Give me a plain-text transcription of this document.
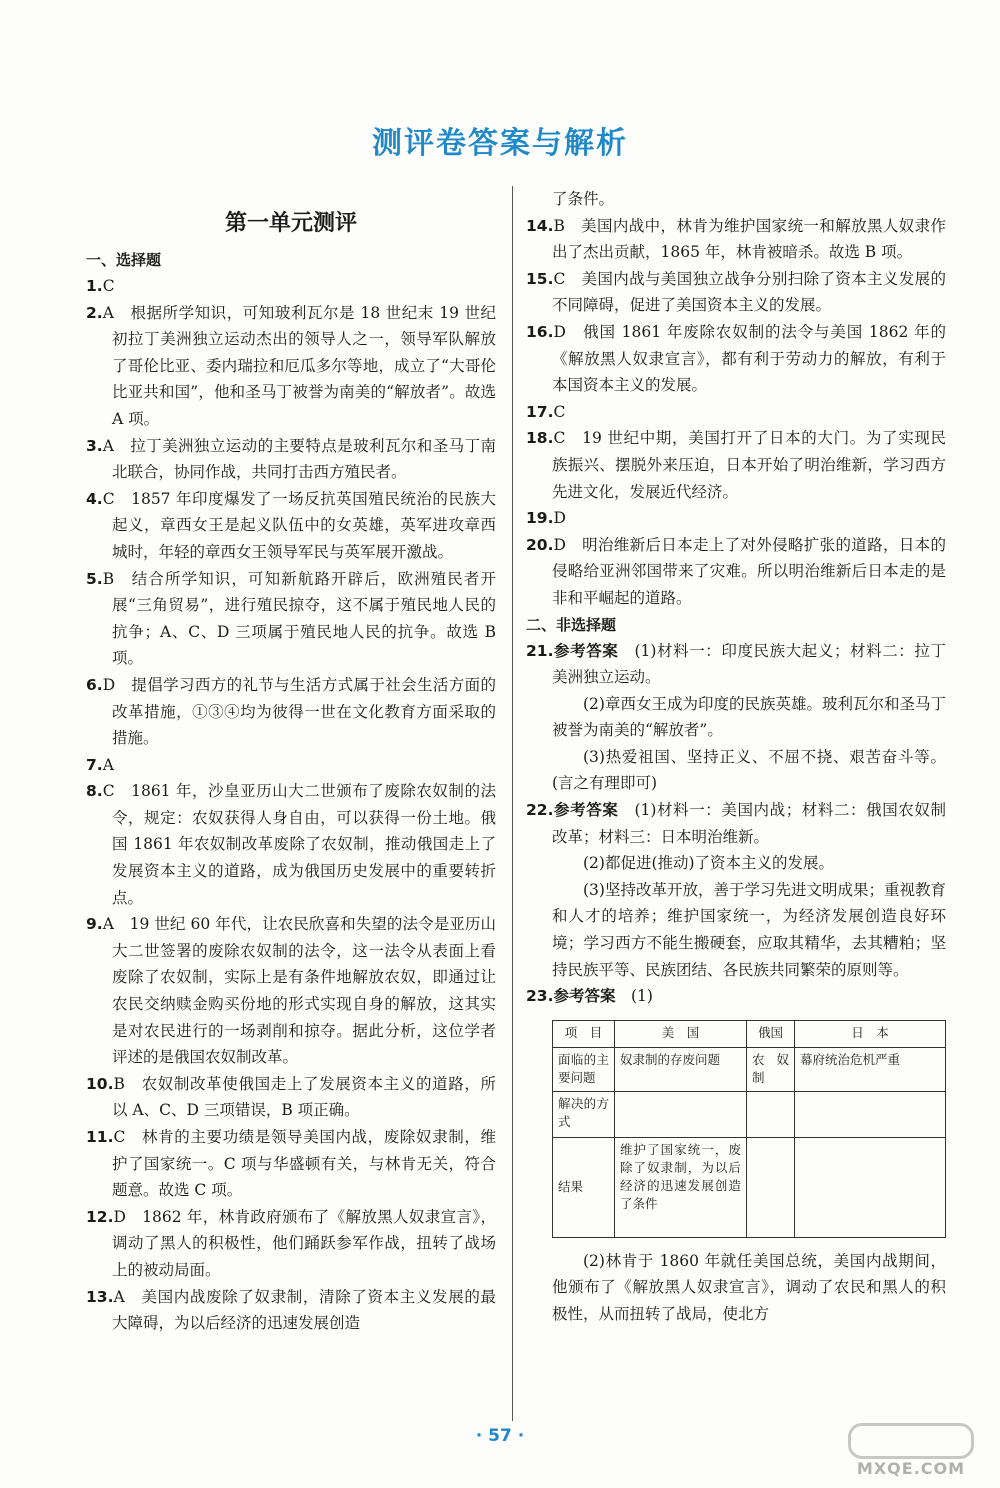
测评卷答案与解析
第一单元测评
一、选择题
1.C
2.A　根据所学知识，可知玻利瓦尔是 18 世纪末 19 世纪初拉丁美洲独立运动杰出的领导人之一，领导军队解放了哥伦比亚、委内瑞拉和厄瓜多尔等地，成立了“大哥伦比亚共和国”，他和圣马丁被誉为南美的“解放者”。故选 A 项。
3.A　拉丁美洲独立运动的主要特点是玻利瓦尔和圣马丁南北联合，协同作战，共同打击西方殖民者。
4.C　1857 年印度爆发了一场反抗英国殖民统治的民族大起义，章西女王是起义队伍中的女英雄，英军进攻章西城时，年轻的章西女王领导军民与英军展开激战。
5.B　结合所学知识，可知新航路开辟后，欧洲殖民者开展“三角贸易”，进行殖民掠夺，这不属于殖民地人民的抗争；A、C、D 三项属于殖民地人民的抗争。故选 B 项。
6.D　提倡学习西方的礼节与生活方式属于社会生活方面的改革措施，①③④均为彼得一世在文化教育方面采取的措施。
7.A
8.C　1861 年，沙皇亚历山大二世颁布了废除农奴制的法令，规定：农奴获得人身自由，可以获得一份土地。俄国 1861 年农奴制改革废除了农奴制，推动俄国走上了发展资本主义的道路，成为俄国历史发展中的重要转折点。
9.A　19 世纪 60 年代，让农民欣喜和失望的法令是亚历山大二世签署的废除农奴制的法令，这一法令从表面上看废除了农奴制，实际上是有条件地解放农奴，即通过让农民交纳赎金购买份地的形式实现自身的解放，这其实是对农民进行的一场剥削和掠夺。据此分析，这位学者评述的是俄国农奴制改革。
10.B　农奴制改革使俄国走上了发展资本主义的道路，所以 A、C、D 三项错误，B 项正确。
11.C　林肯的主要功绩是领导美国内战，废除奴隶制，维护了国家统一。C 项与华盛顿有关，与林肯无关，符合题意。故选 C 项。
12.D　1862 年，林肯政府颁布了《解放黑人奴隶宣言》，调动了黑人的积极性，他们踊跃参军作战，扭转了战场上的被动局面。
13.A　美国内战废除了奴隶制，清除了资本主义发展的最大障碍，为以后经济的迅速发展创造
了条件。
14.B　美国内战中，林肯为维护国家统一和解放黑人奴隶作出了杰出贡献，1865 年，林肯被暗杀。故选 B 项。
15.C　美国内战与美国独立战争分别扫除了资本主义发展的不同障碍，促进了美国资本主义的发展。
16.D　俄国 1861 年废除农奴制的法令与美国 1862 年的《解放黑人奴隶宣言》，都有利于劳动力的解放，有利于本国资本主义的发展。
17.C
18.C　19 世纪中期，美国打开了日本的大门。为了实现民族振兴、摆脱外来压迫，日本开始了明治维新，学习西方先进文化，发展近代经济。
19.D
20.D　明治维新后日本走上了对外侵略扩张的道路，日本的侵略给亚洲邻国带来了灾难。所以明治维新后日本走的是非和平崛起的道路。
二、非选择题
21.参考答案　 (1)材料一：印度民族大起义；材料二：拉丁美洲独立运动。
(2)章西女王成为印度的民族英雄。玻利瓦尔和圣马丁被誉为南美的“解放者”。
(3)热爱祖国、坚持正义、不屈不挠、艰苦奋斗等。(言之有理即可)
22.参考答案　 (1)材料一：美国内战；材料二：俄国农奴制改革；材料三：日本明治维新。
(2)都促进(推动)了资本主义的发展。
(3)坚持改革开放，善于学习先进文明成果；重视教育和人才的培养；维护国家统一，为经济发展创造良好环境；学习西方不能生搬硬套，应取其精华，去其糟粕；坚持民族平等、民族团结、各民族共同繁荣的原则等。
23.参考答案　 (1)
项　目	美　国	俄国	日　本
面临的主要问题	奴隶制的存废问题	农奴制	幕府统治危机严重
解决的方式			
结果	维护了国家统一，废除了奴隶制，为以后经济的迅速发展创造了条件		
(2)林肯于 1860 年就任美国总统，美国内战期间，他颁布了《解放黑人奴隶宣言》，调动了农民和黑人的积极性，从而扭转了战局，使北方
· 57 ·
MXQE.COM
